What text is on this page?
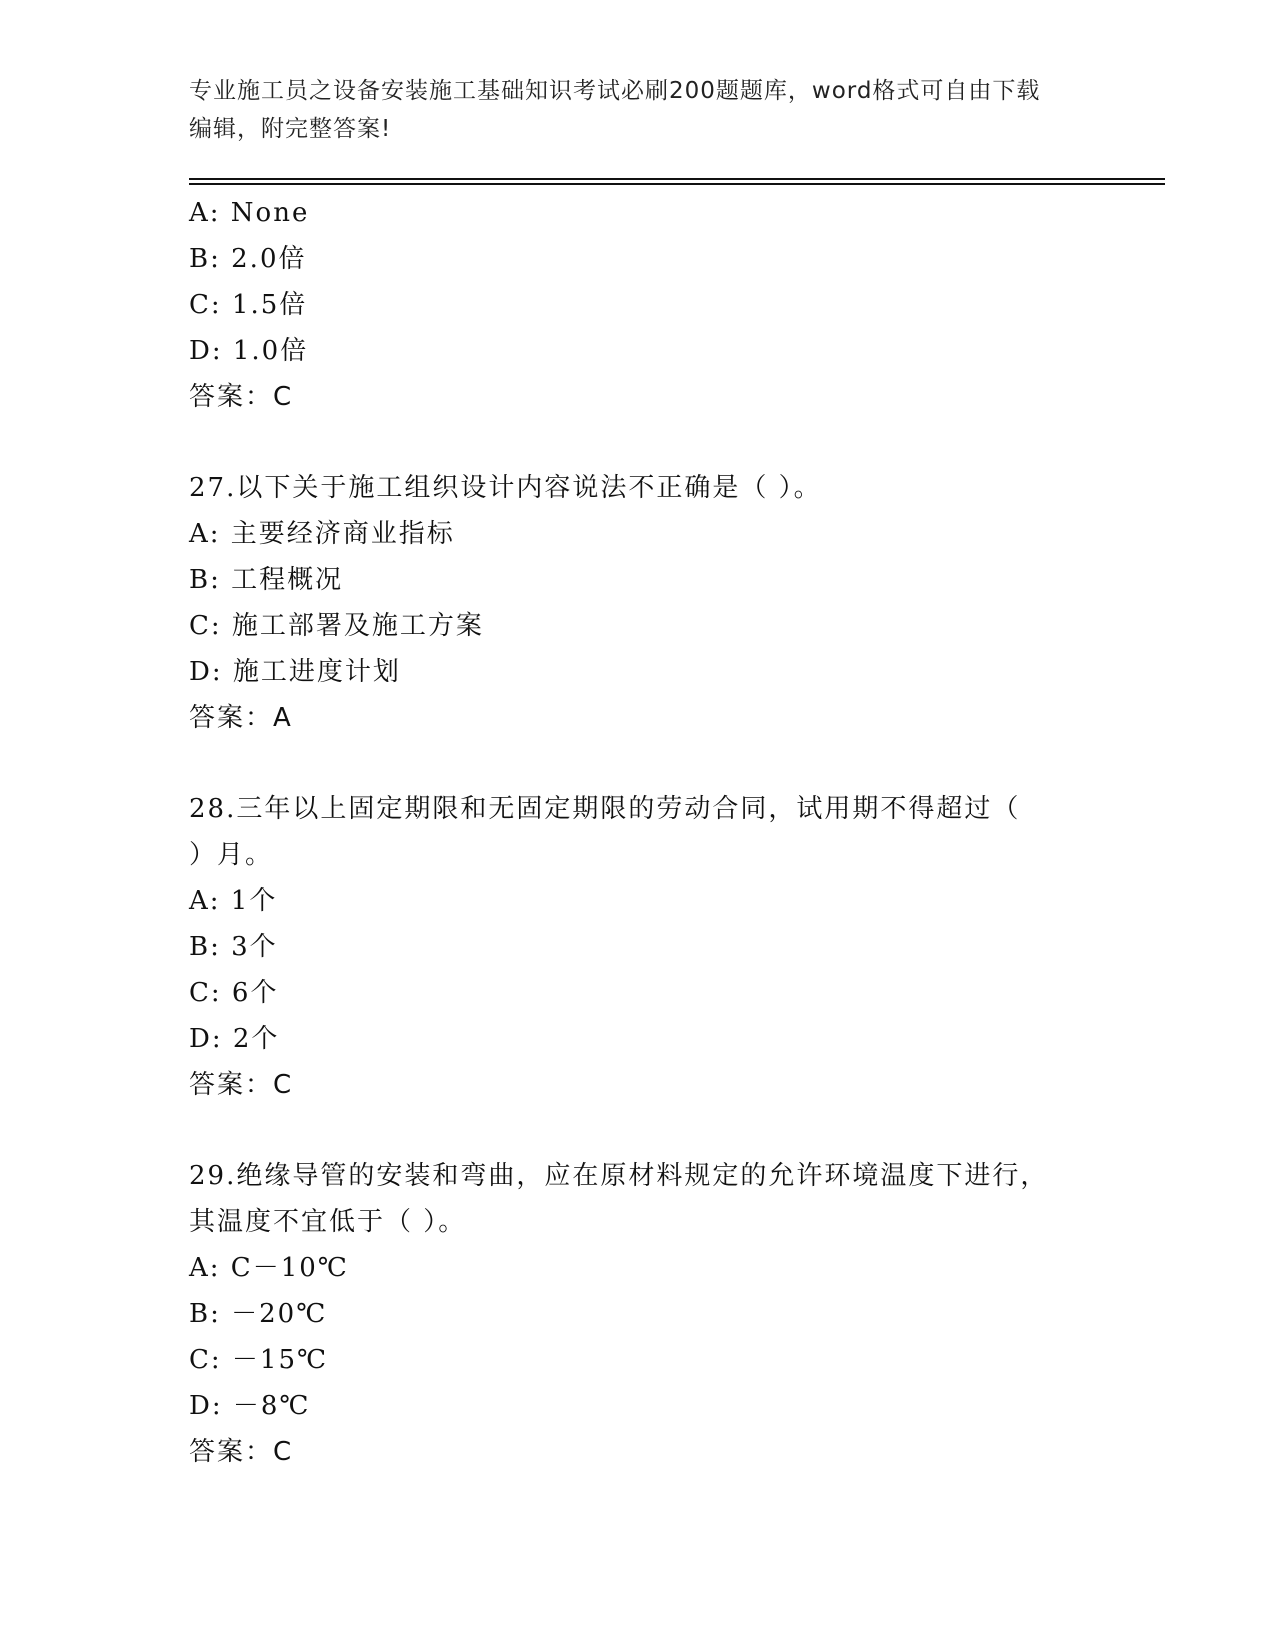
专业施工员之设备安装施工基础知识考试必刷200题题库，word格式可自由下载
编辑，附完整答案!
A: None
B: 2.0倍
C: 1.5倍
D: 1.0倍
答案：C
27.以下关于施工组织设计内容说法不正确是（ ）。
A: 主要经济商业指标
B: 工程概况
C: 施工部署及施工方案
D: 施工进度计划
答案：A
28.三年以上固定期限和无固定期限的劳动合同，试用期不得超过（
）月。
A: 1个
B: 3个
C: 6个
D: 2个
答案：C
29.绝缘导管的安装和弯曲，应在原材料规定的允许环境温度下进行，
其温度不宜低于（ ）。
A: C－10℃
B: －20℃
C: －15℃
D: －8℃
答案：C
